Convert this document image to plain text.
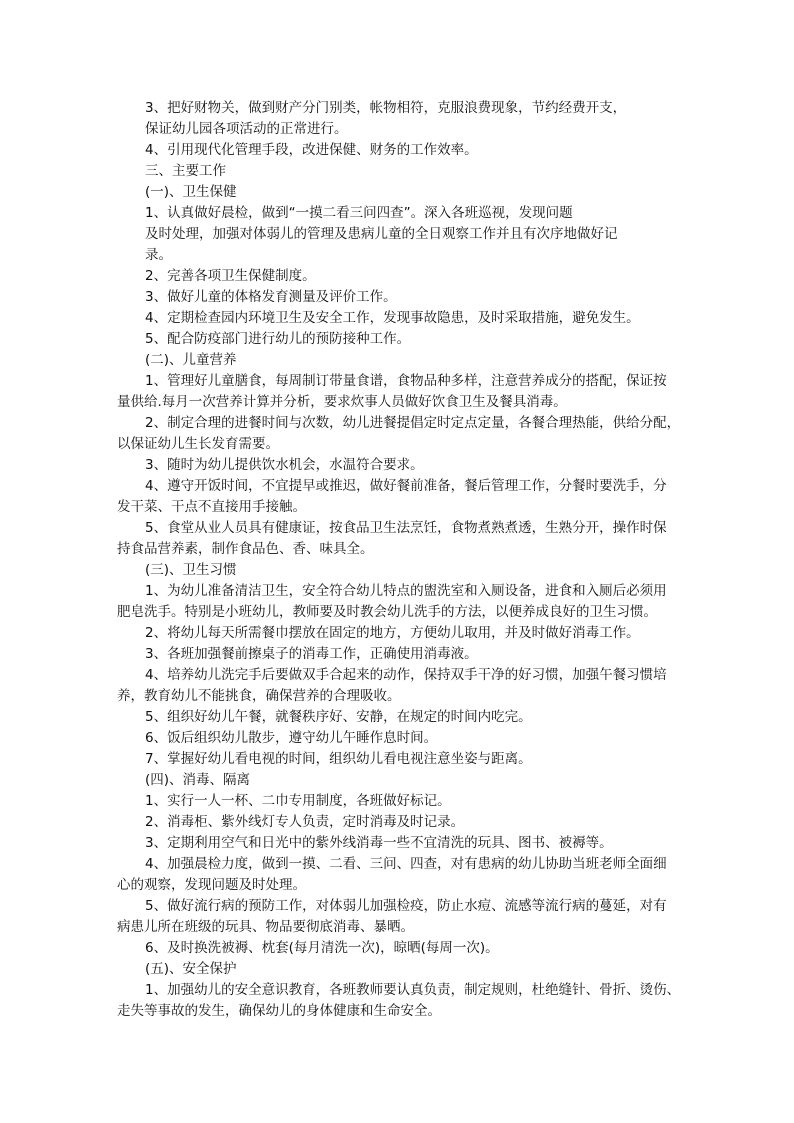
3、把好财物关，做到财产分门别类，帐物相符，克服浪费现象，节约经费开支，

保证幼儿园各项活动的正常进行。

4、引用现代化管理手段，改进保健、财务的工作效率。

三、主要工作

(一)、卫生保健

1、认真做好晨检，做到“一摸二看三问四查”。深入各班巡视，发现问题

及时处理，加强对体弱儿的管理及患病儿童的全日观察工作并且有次序地做好记

录。

2、完善各项卫生保健制度。

3、做好儿童的体格发育测量及评价工作。

4、定期检查园内环境卫生及安全工作，发现事故隐患，及时采取措施，避免发生。

5、配合防疫部门进行幼儿的预防接种工作。

(二)、儿童营养

1、管理好儿童膳食，每周制订带量食谱，食物品种多样，注意营养成分的搭配，保证按

量供给.每月一次营养计算并分析，要求炊事人员做好饮食卫生及餐具消毒。

2、制定合理的进餐时间与次数，幼儿进餐提倡定时定点定量，各餐合理热能，供给分配，

以保证幼儿生长发育需要。

3、随时为幼儿提供饮水机会，水温符合要求。

4、遵守开饭时间，不宜提早或推迟，做好餐前准备，餐后管理工作，分餐时要洗手，分

发干菜、干点不直接用手接触。

5、食堂从业人员具有健康证，按食品卫生法烹饪，食物煮熟煮透，生熟分开，操作时保

持食品营养素，制作食品色、香、味具全。

(三)、卫生习惯

1、为幼儿准备清洁卫生，安全符合幼儿特点的盥洗室和入厕设备，进食和入厕后必须用

肥皂洗手。特别是小班幼儿，教师要及时教会幼儿洗手的方法，以便养成良好的卫生习惯。

2、将幼儿每天所需餐巾摆放在固定的地方，方便幼儿取用，并及时做好消毒工作。

3、各班加强餐前擦桌子的消毒工作，正确使用消毒液。

4、培养幼儿洗完手后要做双手合起来的动作，保持双手干净的好习惯，加强午餐习惯培

养，教育幼儿不能挑食，确保营养的合理吸收。

5、组织好幼儿午餐，就餐秩序好、安静，在规定的时间内吃完。

6、饭后组织幼儿散步，遵守幼儿午睡作息时间。

7、掌握好幼儿看电视的时间，组织幼儿看电视注意坐姿与距离。

(四)、消毒、隔离

1、实行一人一杯、二巾专用制度，各班做好标记。

2、消毒柜、紫外线灯专人负责，定时消毒及时记录。

3、定期利用空气和日光中的紫外线消毒一些不宜清洗的玩具、图书、被褥等。

4、加强晨检力度，做到一摸、二看、三问、四查，对有患病的幼儿协助当班老师全面细

心的观察，发现问题及时处理。

5、做好流行病的预防工作，对体弱儿加强检疫，防止水痘、流感等流行病的蔓延，对有

病患儿所在班级的玩具、物品要彻底消毒、暴晒。

6、及时换洗被褥、枕套(每月清洗一次)，晾晒(每周一次)。

(五)、安全保护

1、加强幼儿的安全意识教育，各班教师要认真负责，制定规则，杜绝缝针、骨折、烫伤、

走失等事故的发生，确保幼儿的身体健康和生命安全。
